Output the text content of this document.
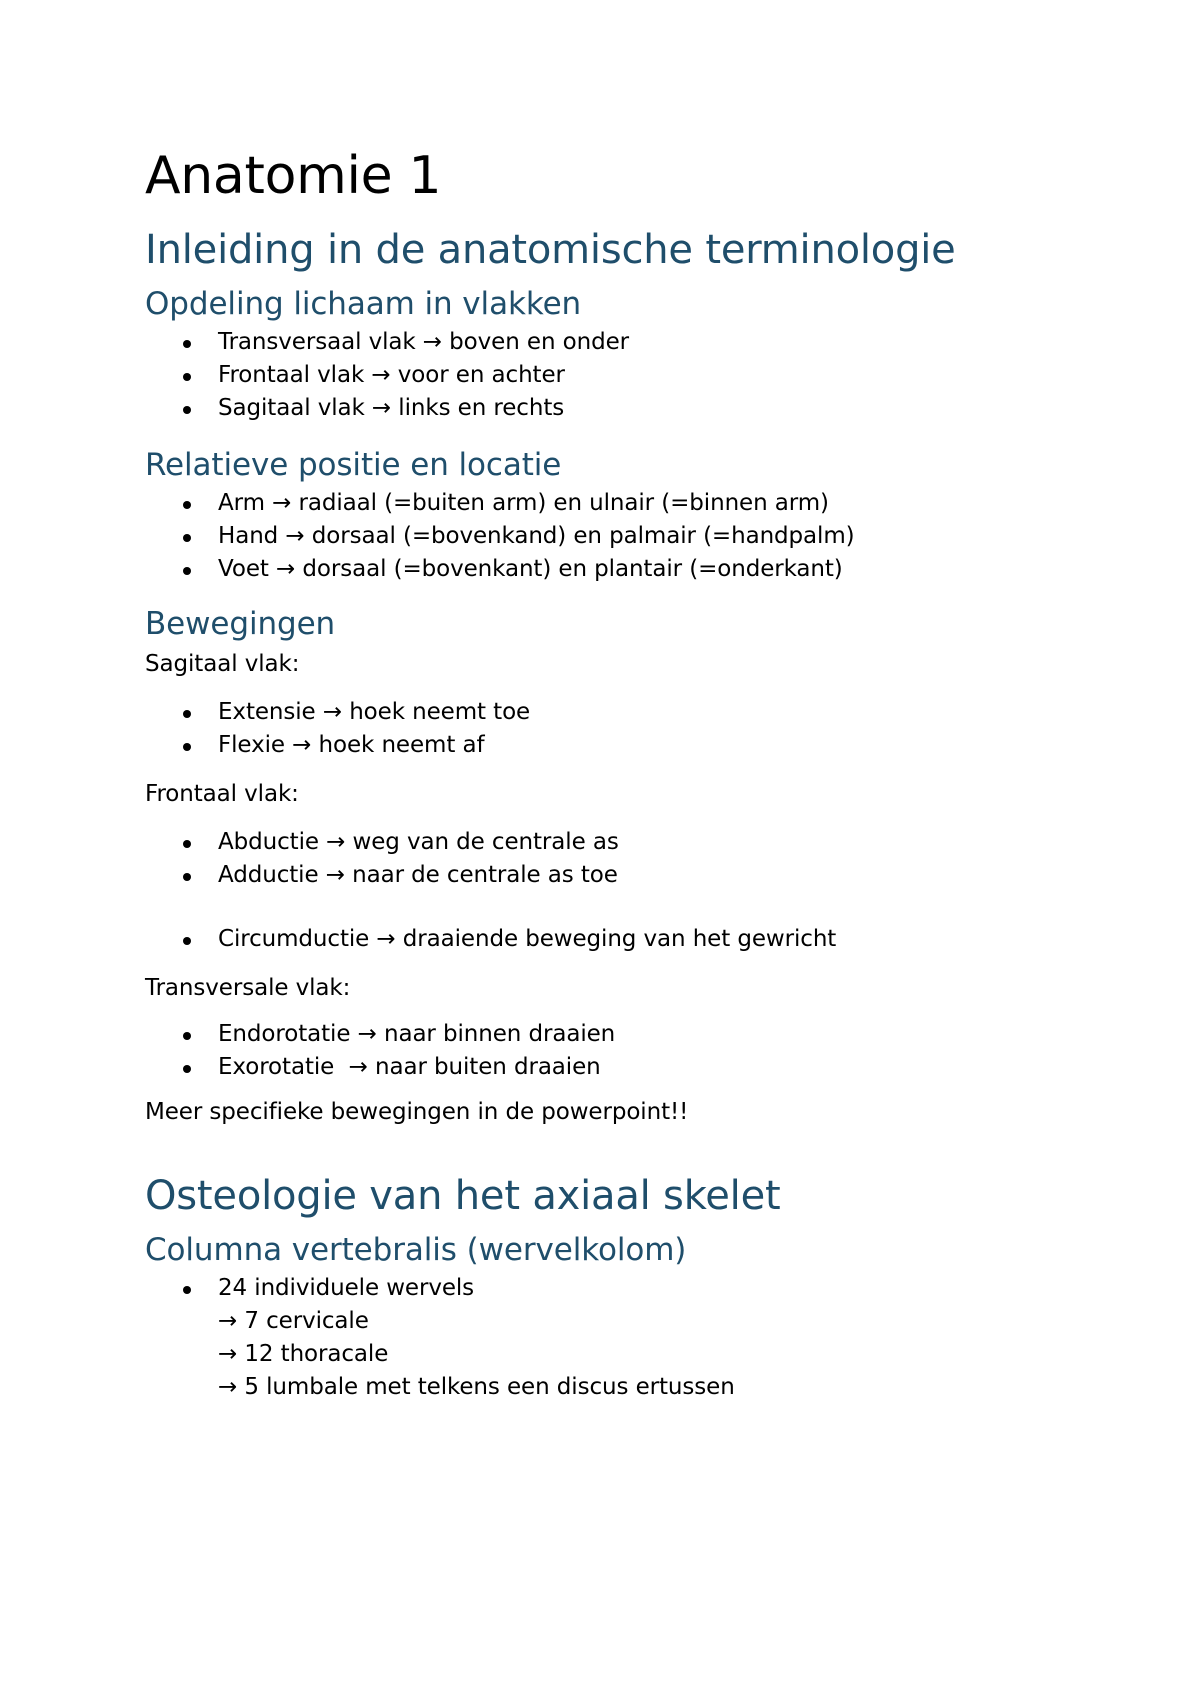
Anatomie 1
Inleiding in de anatomische terminologie
Opdeling lichaam in vlakken
Transversaal vlak → boven en onder
Frontaal vlak → voor en achter
Sagitaal vlak → links en rechts
Relatieve positie en locatie
Arm → radiaal (=buiten arm) en ulnair (=binnen arm)
Hand → dorsaal (=bovenkand) en palmair (=handpalm)
Voet → dorsaal (=bovenkant) en plantair (=onderkant)
Bewegingen

Sagitaal vlak:

Extensie → hoek neemt toe
Flexie → hoek neemt af

Frontaal vlak:

Abductie → weg van de centrale as
Adductie → naar de centrale as toe
Circumductie → draaiende beweging van het gewricht

Transversale vlak:

Endorotatie → naar binnen draaien
Exorotatie  → naar buiten draaien

Meer specifieke bewegingen in de powerpoint!!

Osteologie van het axiaal skelet
Columna vertebralis (wervelkolom)
24 individuele wervels
→ 7 cervicale
→ 12 thoracale
→ 5 lumbale met telkens een discus ertussen
